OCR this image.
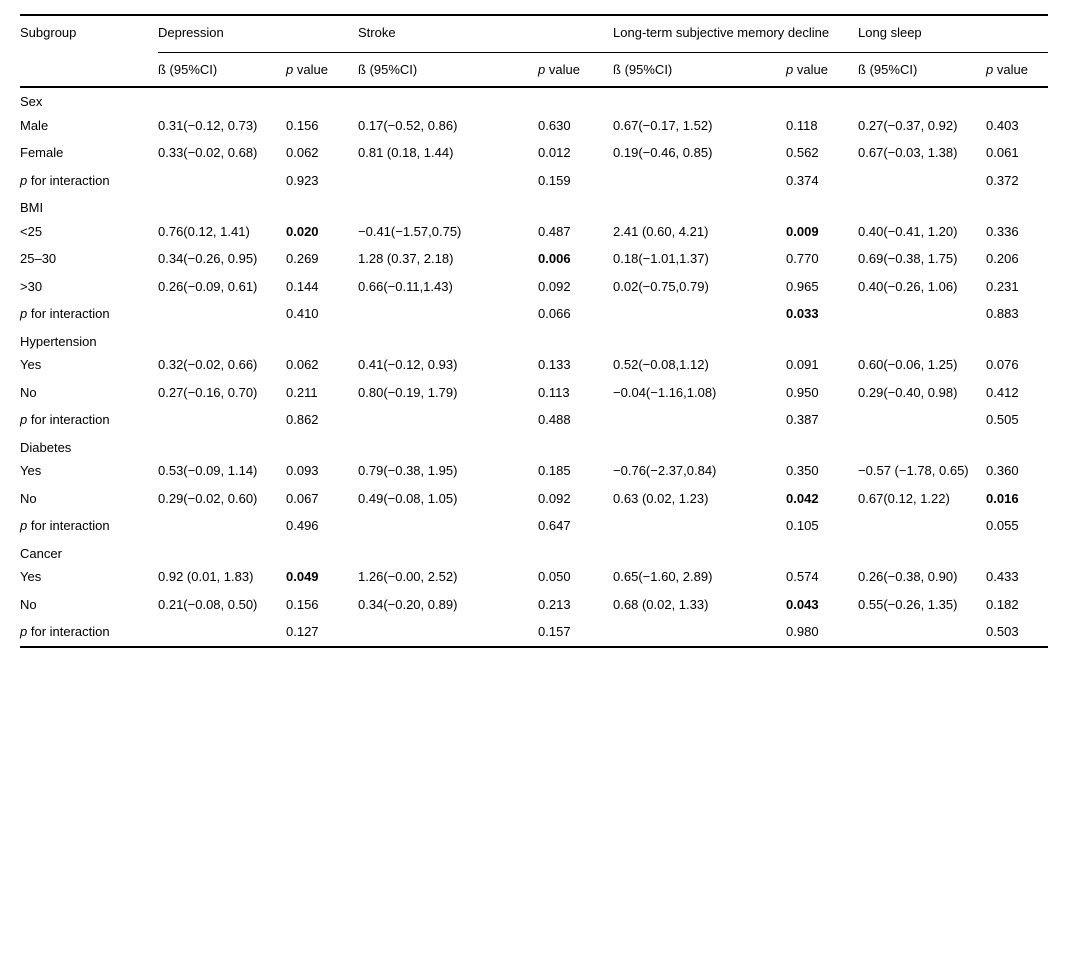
Subgroup	Depression		Stroke		Long-term subjective memory decline		Long sleep	
	ß (95%CI)	p value	ß (95%CI)	p value	ß (95%CI)	p value	ß (95%CI)	p value
Sex								
Male	0.31(−0.12, 0.73)	0.156	0.17(−0.52, 0.86)	0.630	0.67(−0.17, 1.52)	0.118	0.27(−0.37, 0.92)	0.403
Female	0.33(−0.02, 0.68)	0.062	0.81 (0.18, 1.44)	0.012	0.19(−0.46, 0.85)	0.562	0.67(−0.03, 1.38)	0.061
p for interaction		0.923		0.159		0.374		0.372
BMI								
<25	0.76(0.12, 1.41)	0.020	−0.41(−1.57,0.75)	0.487	2.41 (0.60, 4.21)	0.009	0.40(−0.41, 1.20)	0.336
25–30	0.34(−0.26, 0.95)	0.269	1.28 (0.37, 2.18)	0.006	0.18(−1.01,1.37)	0.770	0.69(−0.38, 1.75)	0.206
>30	0.26(−0.09, 0.61)	0.144	0.66(−0.11,1.43)	0.092	0.02(−0.75,0.79)	0.965	0.40(−0.26, 1.06)	0.231
p for interaction		0.410		0.066		0.033		0.883
Hypertension								
Yes	0.32(−0.02, 0.66)	0.062	0.41(−0.12, 0.93)	0.133	0.52(−0.08,1.12)	0.091	0.60(−0.06, 1.25)	0.076
No	0.27(−0.16, 0.70)	0.211	0.80(−0.19, 1.79)	0.113	−0.04(−1.16,1.08)	0.950	0.29(−0.40, 0.98)	0.412
p for interaction		0.862		0.488		0.387		0.505
Diabetes								
Yes	0.53(−0.09, 1.14)	0.093	0.79(−0.38, 1.95)	0.185	−0.76(−2.37,0.84)	0.350	−0.57 (−1.78, 0.65)	0.360
No	0.29(−0.02, 0.60)	0.067	0.49(−0.08, 1.05)	0.092	0.63 (0.02, 1.23)	0.042	0.67(0.12, 1.22)	0.016
p for interaction		0.496		0.647		0.105		0.055
Cancer								
Yes	0.92 (0.01, 1.83)	0.049	1.26(−0.00, 2.52)	0.050	0.65(−1.60, 2.89)	0.574	0.26(−0.38, 0.90)	0.433
No	0.21(−0.08, 0.50)	0.156	0.34(−0.20, 0.89)	0.213	0.68 (0.02, 1.33)	0.043	0.55(−0.26, 1.35)	0.182
p for interaction		0.127		0.157		0.980		0.503
